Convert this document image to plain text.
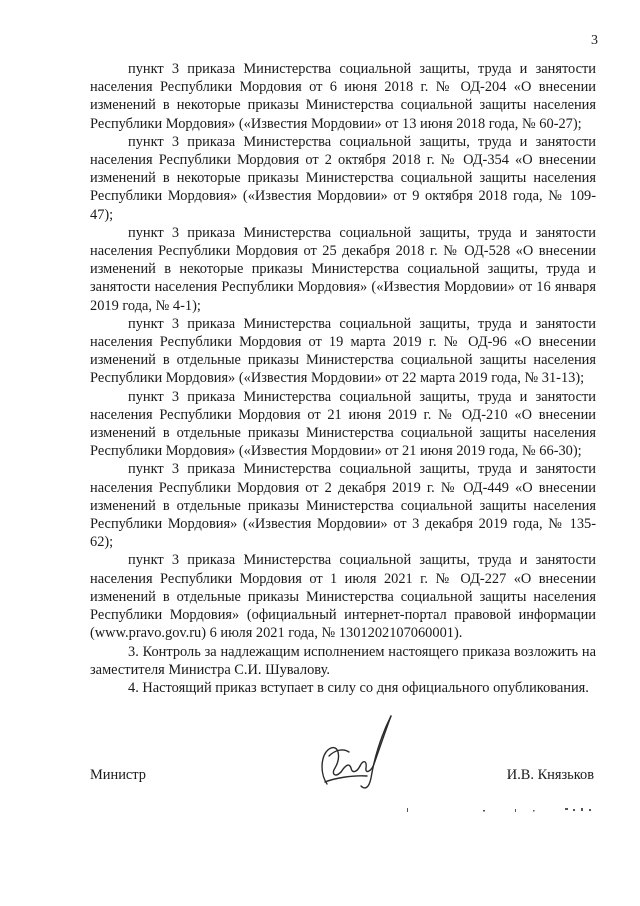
3

пункт 3 приказа Министерства социальной защиты, труда и занятости населения Республики Мордовия от 6 июня 2018 г. № ОД-204 «О внесении изменений в некоторые приказы Министерства социальной защиты населения Республики Мордовия» («Известия Мордовии» от 13 июня 2018 года, № 60-27);

пункт 3 приказа Министерства социальной защиты, труда и занятости населения Республики Мордовия от 2 октября 2018 г. № ОД-354 «О внесении изменений в некоторые приказы Министерства социальной защиты населения Республики Мордовия» («Известия Мордовии» от 9 октября 2018 года, № 109-47);

пункт 3 приказа Министерства социальной защиты, труда и занятости населения Республики Мордовия от 25 декабря 2018 г. № ОД-528 «О внесении изменений в некоторые приказы Министерства социальной защиты, труда и занятости населения Республики Мордовия» («Известия Мордовии» от 16 января 2019 года, № 4-1);

пункт 3 приказа Министерства социальной защиты, труда и занятости населения Республики Мордовия от 19 марта 2019 г. № ОД-96 «О внесении изменений в отдельные приказы Министерства социальной защиты населения Республики Мордовия» («Известия Мордовии» от 22 марта 2019 года, № 31-13);

пункт 3 приказа Министерства социальной защиты, труда и занятости населения Республики Мордовия от 21 июня 2019 г. № ОД-210 «О внесении изменений в отдельные приказы Министерства социальной защиты населения Республики Мордовия» («Известия Мордовии» от 21 июня 2019 года, № 66-30);

пункт 3 приказа Министерства социальной защиты, труда и занятости населения Республики Мордовия от 2 декабря 2019 г. № ОД-449 «О внесении изменений в отдельные приказы Министерства социальной защиты населения Республики Мордовия» («Известия Мордовии» от 3 декабря 2019 года, № 135-62);

пункт 3 приказа Министерства социальной защиты, труда и занятости населения Республики Мордовия от 1 июля 2021 г. № ОД-227 «О внесении изменений в отдельные приказы Министерства социальной защиты населения Республики Мордовия» (официальный интернет-портал правовой информации (www.pravo.gov.ru) 6 июля 2021 года, № 1301202107060001).

3. Контроль за надлежащим исполнением настоящего приказа возложить на заместителя Министра С.И. Шувалову.

4. Настоящий приказ вступает в силу со дня официального опубликования.

Министр	И.В. Князьков
